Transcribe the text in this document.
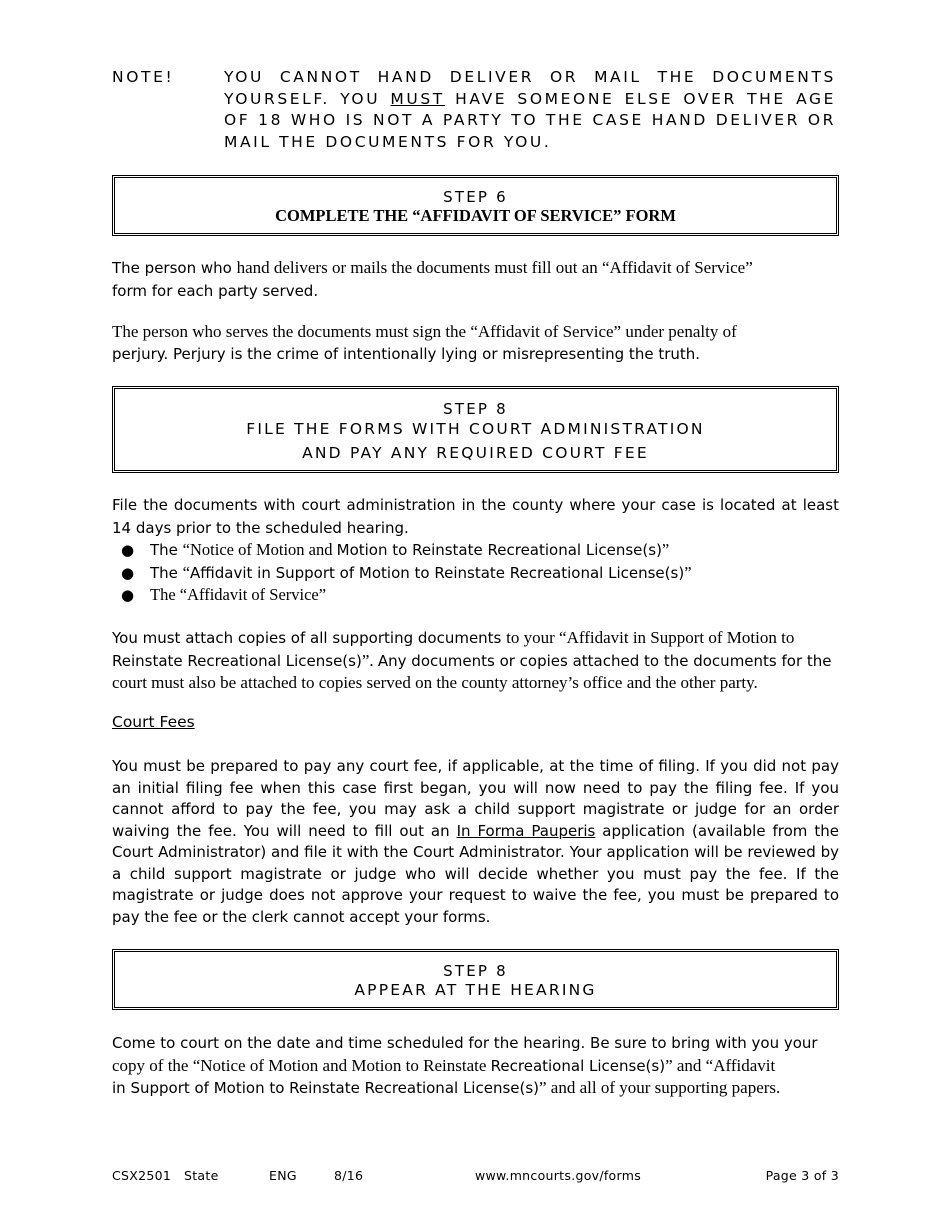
NOTE!	YOU CANNOT HAND DELIVER OR MAIL THE DOCUMENTS YOURSELF. YOU MUST HAVE SOMEONE ELSE OVER THE AGE OF 18 WHO IS NOT A PARTY TO THE CASE HAND DELIVER OR MAIL THE DOCUMENTS FOR YOU.
STEP 6
COMPLETE THE “AFFIDAVIT OF SERVICE” FORM
The person who hand delivers or mails the documents must fill out an “Affidavit of Service”
form for each party served.
The person who serves the documents must sign the “Affidavit of Service” under penalty of
perjury. Perjury is the crime of intentionally lying or misrepresenting the truth.
STEP 8
FILE THE FORMS WITH COURT ADMINISTRATION
AND PAY ANY REQUIRED COURT FEE
File the documents with court administration in the county where your case is located at least 14 days prior to the scheduled hearing.
● The “Notice of Motion and Motion to Reinstate Recreational License(s)”
● The “Affidavit in Support of Motion to Reinstate Recreational License(s)”
● The “Affidavit of Service”
You must attach copies of all supporting documents to your “Affidavit in Support of Motion to
Reinstate Recreational License(s)”. Any documents or copies attached to the documents for the
court must also be attached to copies served on the county attorney’s office and the other party.
Court Fees
You must be prepared to pay any court fee, if applicable, at the time of filing. If you did not pay an initial filing fee when this case first began, you will now need to pay the filing fee. If you cannot afford to pay the fee, you may ask a child support magistrate or judge for an order waiving the fee. You will need to fill out an In Forma Pauperis application (available from the Court Administrator) and file it with the Court Administrator. Your application will be reviewed by a child support magistrate or judge who will decide whether you must pay the fee. If the magistrate or judge does not approve your request to waive the fee, you must be prepared to pay the fee or the clerk cannot accept your forms.
STEP 8
APPEAR AT THE HEARING
Come to court on the date and time scheduled for the hearing. Be sure to bring with you your
copy of the “Notice of Motion and Motion to Reinstate Recreational License(s)” and “Affidavit
in Support of Motion to Reinstate Recreational License(s)” and all of your supporting papers.
CSX2501 State	ENG	8/16	www.mncourts.gov/forms	Page 3 of 3
